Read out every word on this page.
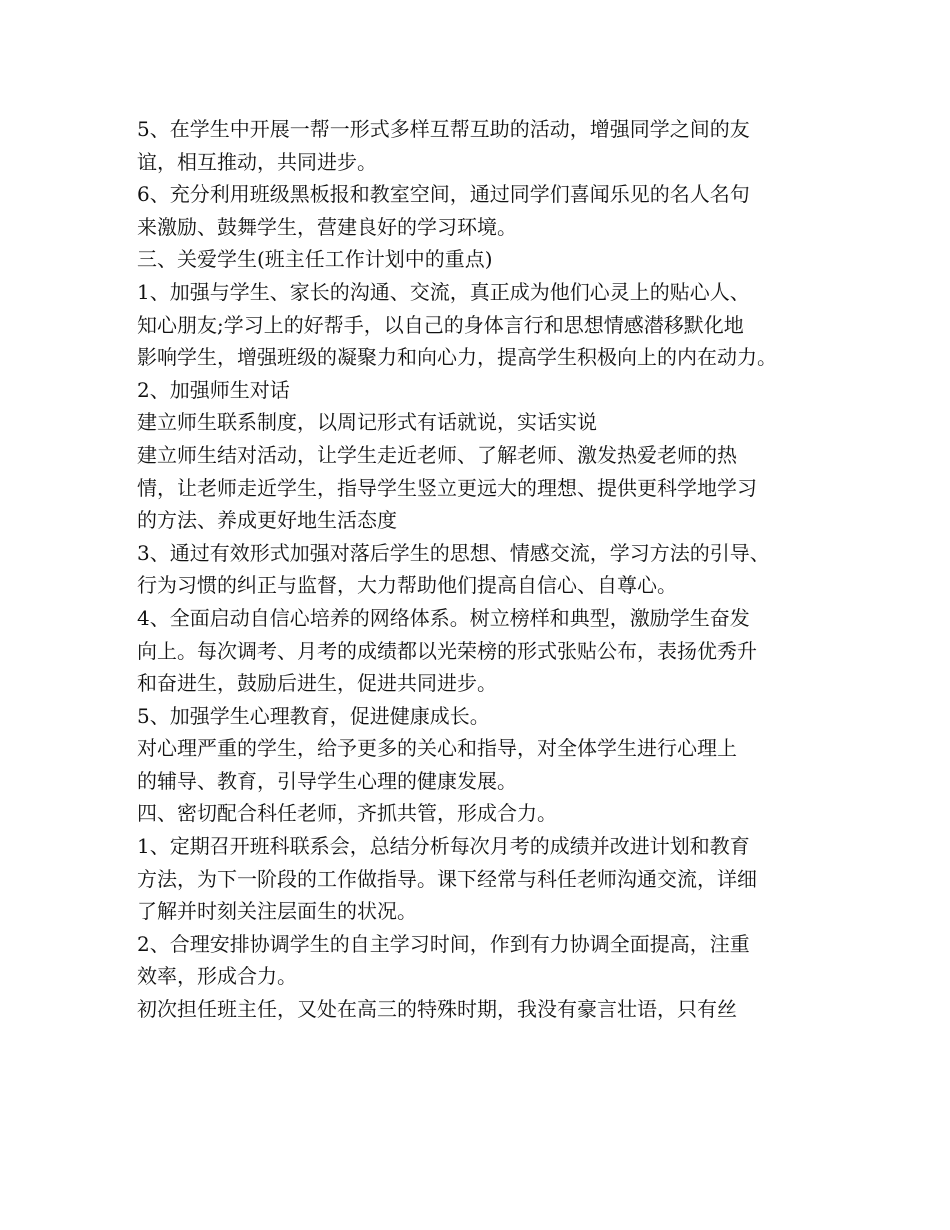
5、在学生中开展一帮一形式多样互帮互助的活动，增强同学之间的友
谊，相互推动，共同进步。
6、充分利用班级黑板报和教室空间，通过同学们喜闻乐见的名人名句
来激励、鼓舞学生，营建良好的学习环境。
三、关爱学生(班主任工作计划中的重点)
1、加强与学生、家长的沟通、交流，真正成为他们心灵上的贴心人、
知心朋友;学习上的好帮手，以自己的身体言行和思想情感潜移默化地
影响学生，增强班级的凝聚力和向心力，提高学生积极向上的内在动力。
2、加强师生对话
建立师生联系制度，以周记形式有话就说，实话实说
建立师生结对活动，让学生走近老师、了解老师、激发热爱老师的热
情，让老师走近学生，指导学生竖立更远大的理想、提供更科学地学习
的方法、养成更好地生活态度
3、通过有效形式加强对落后学生的思想、情感交流，学习方法的引导、
行为习惯的纠正与监督，大力帮助他们提高自信心、自尊心。
4、全面启动自信心培养的网络体系。树立榜样和典型，激励学生奋发
向上。每次调考、月考的成绩都以光荣榜的形式张贴公布，表扬优秀升
和奋进生，鼓励后进生，促进共同进步。
5、加强学生心理教育，促进健康成长。
对心理严重的学生，给予更多的关心和指导，对全体学生进行心理上
的辅导、教育，引导学生心理的健康发展。
四、密切配合科任老师，齐抓共管，形成合力。
1、定期召开班科联系会，总结分析每次月考的成绩并改进计划和教育
方法，为下一阶段的工作做指导。课下经常与科任老师沟通交流，详细
了解并时刻关注层面生的状况。
2、合理安排协调学生的自主学习时间，作到有力协调全面提高，注重
效率，形成合力。
初次担任班主任，又处在高三的特殊时期，我没有豪言壮语，只有丝
